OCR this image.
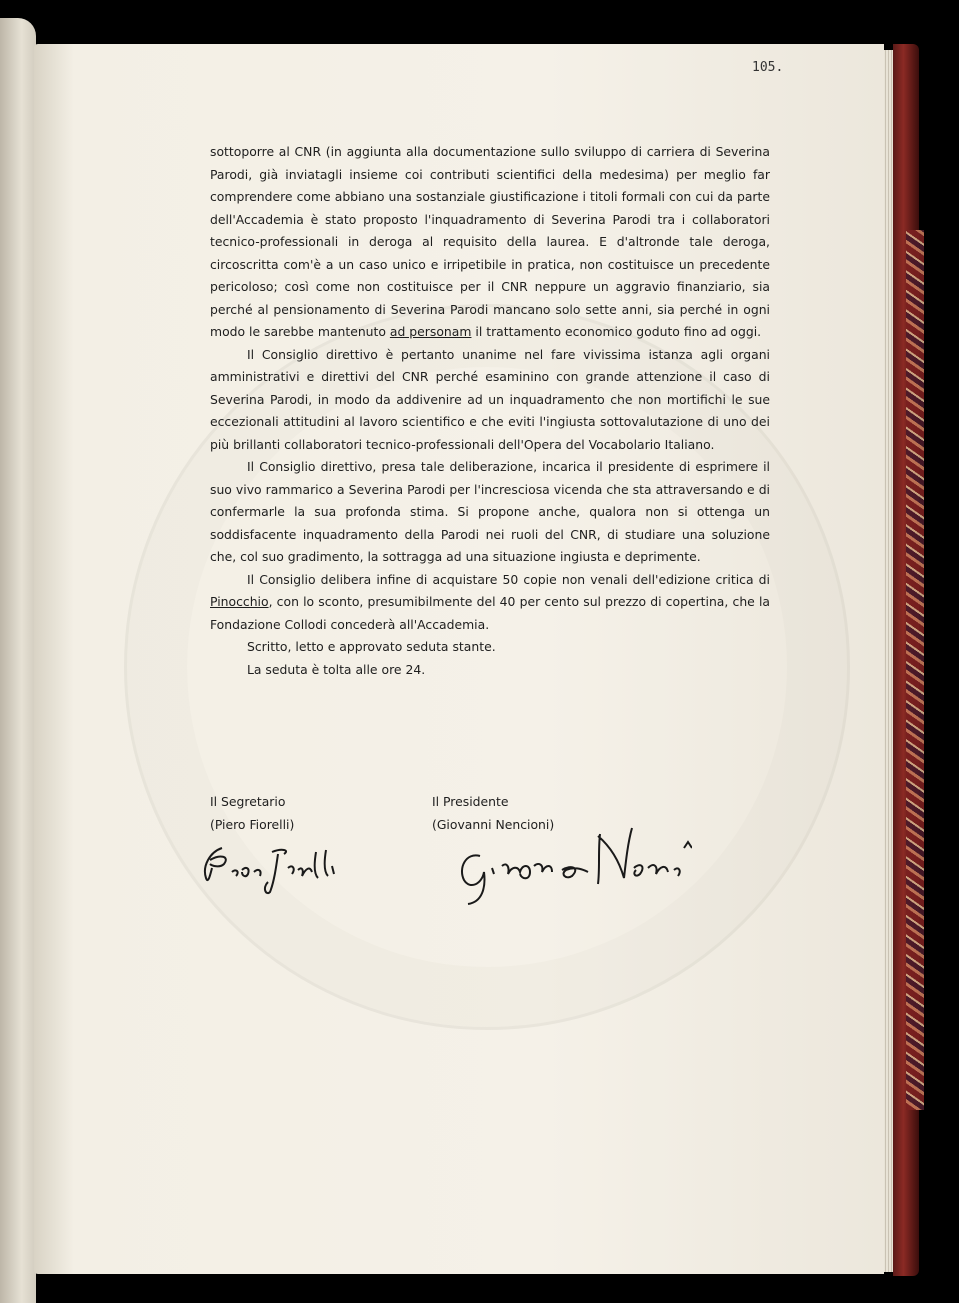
105.

sottoporre al CNR (in aggiunta alla documentazione sullo sviluppo di carriera di Severina Parodi, già inviatagli insieme coi contributi scientifici della medesima) per meglio far comprendere come abbiano una sostanziale giustificazione i titoli formali con cui da parte dell'Accademia è stato proposto l'inquadramento di Severina Parodi tra i collaboratori tecnico-professionali in deroga al requisito della laurea. E d'altronde tale deroga, circoscritta com'è a un caso unico e irripetibile in pratica, non costituisce un precedente pericoloso; così come non costituisce per il CNR neppure un aggravio finanziario, sia perché al pensionamento di Severina Parodi mancano solo sette anni, sia perché in ogni modo le sarebbe mantenuto ad personam il trattamento economico goduto fino ad oggi.

Il Consiglio direttivo è pertanto unanime nel fare vivissima istanza agli organi amministrativi e direttivi del CNR perché esaminino con grande attenzione il caso di Severina Parodi, in modo da addivenire ad un inquadramento che non mortifichi le sue eccezionali attitudini al lavoro scientifico e che eviti l'ingiusta sottovalutazione di uno dei più brillanti collaboratori tecnico-professionali dell'Opera del Vocabolario Italiano.

Il Consiglio direttivo, presa tale deliberazione, incarica il presidente di esprimere il suo vivo rammarico a Severina Parodi per l'incresciosa vicenda che sta attraversando e di confermarle la sua profonda stima. Si propone anche, qualora non si ottenga un soddisfacente inquadramento della Parodi nei ruoli del CNR, di studiare una soluzione che, col suo gradimento, la sottragga ad una situazione ingiusta e deprimente.

Il Consiglio delibera infine di acquistare 50 copie non venali dell'edizione critica di Pinocchio, con lo sconto, presumibilmente del 40 per cento sul prezzo di copertina, che la Fondazione Collodi concederà all'Accademia.

Scritto, letto e approvato seduta stante.

La seduta è tolta alle ore 24.

Il Segretario
(Piero Fiorelli)
Il Presidente
(Giovanni Nencioni)
